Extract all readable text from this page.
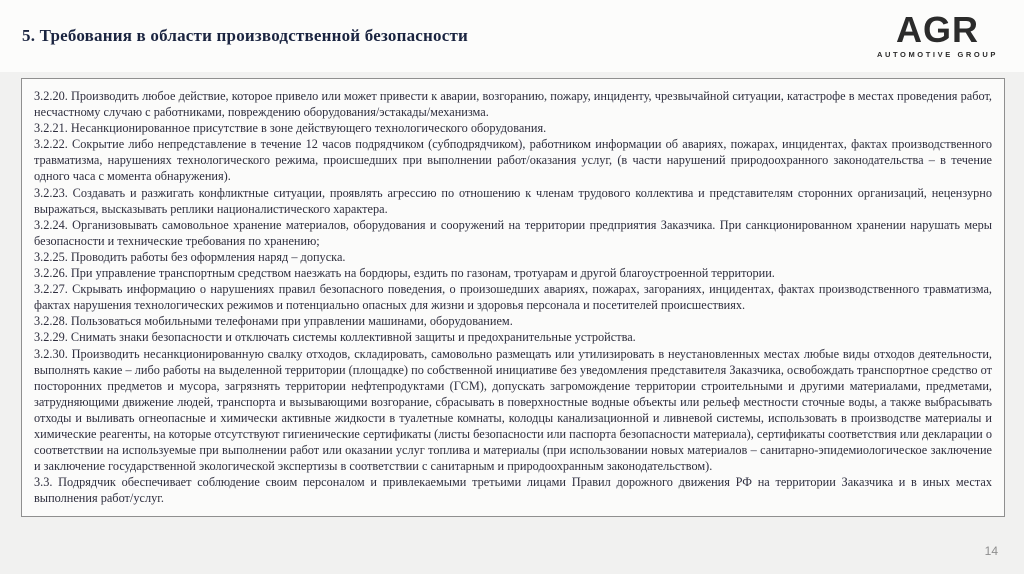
5. Требования в области производственной безопасности	AGR
AUTOMOTIVE GROUP

3.2.20. Производить любое действие, которое привело или может привести к аварии, возгоранию, пожару, инциденту, чрезвычайной ситуации, катастрофе в местах проведения работ, несчастному случаю с работниками, повреждению оборудования/эстакады/механизма.

3.2.21. Несанкционированное присутствие в зоне действующего технологического оборудования.

3.2.22. Сокрытие либо непредставление в течение 12 часов подрядчиком (субподрядчиком), работником информации об авариях, пожарах, инцидентах, фактах производственного травматизма, нарушениях технологического режима, происшедших при выполнении работ/оказания услуг, (в части нарушений природоохранного законодательства – в течение одного часа с момента обнаружения).

3.2.23. Создавать и разжигать конфликтные ситуации, проявлять агрессию по отношению к членам трудового коллектива и представителям сторонних организаций, нецензурно выражаться, высказывать реплики националистического характера.

3.2.24. Организовывать самовольное хранение материалов, оборудования и сооружений на территории предприятия Заказчика. При санкционированном хранении нарушать меры безопасности и технические требования по хранению;

3.2.25. Проводить работы без оформления наряд – допуска.

3.2.26. При управление транспортным средством наезжать на бордюры, ездить по газонам, тротуарам и другой благоустроенной территории.

3.2.27. Скрывать информацию о нарушениях правил безопасного поведения, о произошедших авариях, пожарах, загораниях, инцидентах, фактах производственного травматизма, фактах нарушения технологических режимов и потенциально опасных для жизни и здоровья персонала и посетителей происшествиях.

3.2.28. Пользоваться мобильными телефонами при управлении машинами, оборудованием.

3.2.29. Снимать знаки безопасности и отключать системы коллективной защиты и предохранительные устройства.

3.2.30. Производить несанкционированную свалку отходов, складировать, самовольно размещать или утилизировать в неустановленных местах любые виды отходов деятельности, выполнять какие – либо работы на выделенной территории (площадке) по собственной инициативе без уведомления представителя Заказчика, освобождать транспортное средство от посторонних предметов и мусора, загрязнять территории нефтепродуктами (ГСМ), допускать загромождение территории строительными и другими материалами, предметами, затрудняющими движение людей, транспорта и вызывающими возгорание, сбрасывать в поверхностные водные объекты или рельеф местности сточные воды, а также выбрасывать отходы и выливать огнеопасные и химически активные жидкости в туалетные комнаты, колодцы канализационной и ливневой системы, использовать в производстве материалы и химические реагенты, на которые отсутствуют гигиенические сертификаты (листы безопасности или паспорта безопасности материала), сертификаты соответствия или декларации о соответствии на используемые при выполнении работ или оказании услуг топлива и материалы (при использовании новых материалов – санитарно-эпидемиологическое заключение и заключение государственной экологической экспертизы в соответствии с санитарным и природоохранным законодательством).

3.3. Подрядчик обеспечивает соблюдение своим персоналом и привлекаемыми третьими лицами Правил дорожного движения РФ на территории Заказчика и в иных местах выполнения работ/услуг.

14
